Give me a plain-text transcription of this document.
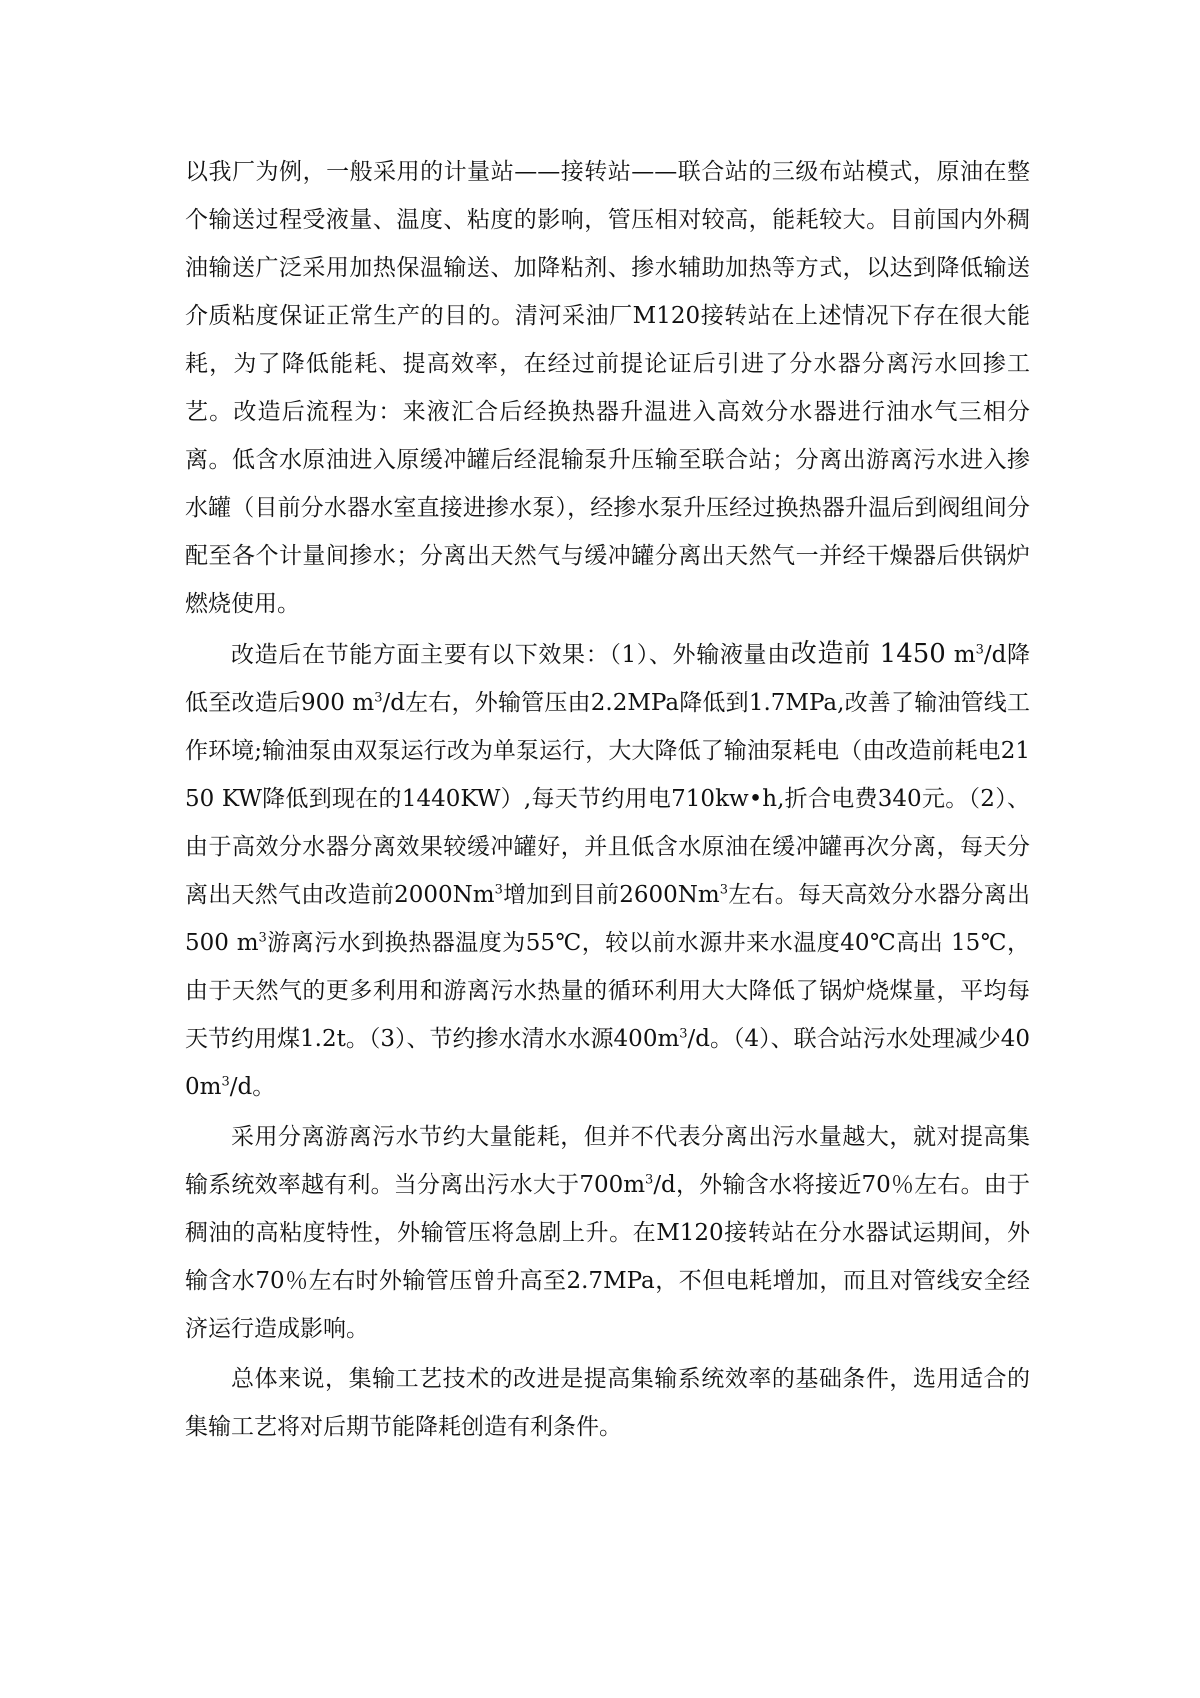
以我厂为例，一般采用的计量站——接转站——联合站的三级布站模式，原油在整个输送过程受液量、温度、粘度的影响，管压相对较高，能耗较大。目前国内外稠油输送广泛采用加热保温输送、加降粘剂、掺水辅助加热等方式，以达到降低输送介质粘度保证正常生产的目的。清河采油厂M120接转站在上述情况下存在很大能耗，为了降低能耗、提高效率，在经过前提论证后引进了分水器分离污水回掺工艺。改造后流程为：来液汇合后经换热器升温进入高效分水器进行油水气三相分离。低含水原油进入原缓冲罐后经混输泵升压输至联合站；分离出游离污水进入掺水罐（目前分水器水室直接进掺水泵），经掺水泵升压经过换热器升温后到阀组间分配至各个计量间掺水；分离出天然气与缓冲罐分离出天然气一并经干燥器后供锅炉燃烧使用。

改造后在节能方面主要有以下效果：（1）、外输液量由改造前 1450 $m^3/d$降低至改造后900 $m^3/d$左右，外输管压由2.2MPa降低到1.7MPa,改善了输油管线工作环境;输油泵由双泵运行改为单泵运行，大大降低了输油泵耗电（由改造前耗电2150 KW降低到现在的1440KW）,每天节约用电710kw•h,折合电费340元。（2）、由于高效分水器分离效果较缓冲罐好，并且低含水原油在缓冲罐再次分离，每天分离出天然气由改造前2000Nm$^3$增加到目前2600Nm$^3$左右。每天高效分水器分离出500 $m^3$游离污水到换热器温度为55℃，较以前水源井来水温度40℃高出 15℃，由于天然气的更多利用和游离污水热量的循环利用大大降低了锅炉烧煤量，平均每天节约用煤1.2t。（3）、节约掺水清水水源$400m^3/d$。（4）、联合站污水处理减少$400m^3/d$。

采用分离游离污水节约大量能耗，但并不代表分离出污水量越大，就对提高集输系统效率越有利。当分离出污水大于$700m^3/d$，外输含水将接近70％左右。由于稠油的高粘度特性，外输管压将急剧上升。在M120接转站在分水器试运期间，外输含水70％左右时外输管压曾升高至2.7MPa，不但电耗增加，而且对管线安全经济运行造成影响。

总体来说，集输工艺技术的改进是提高集输系统效率的基础条件，选用适合的集输工艺将对后期节能降耗创造有利条件。
